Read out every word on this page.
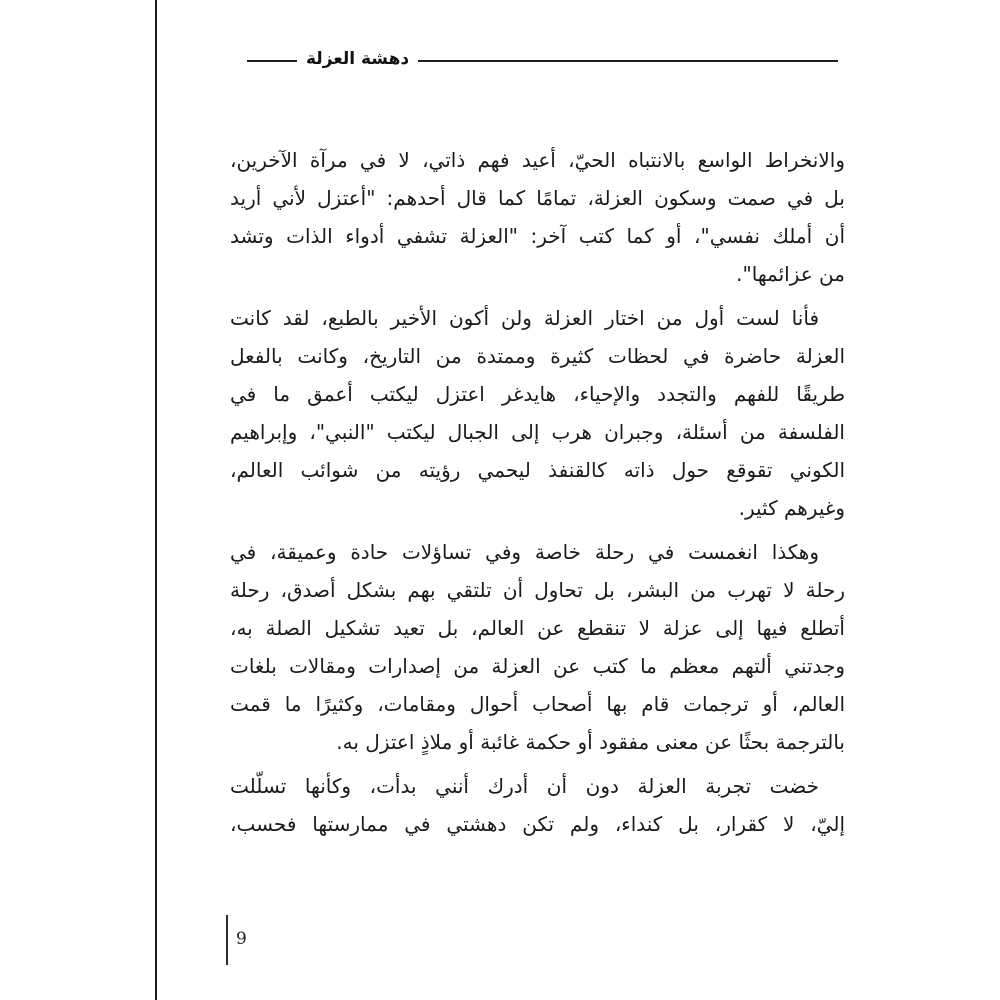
دهشة العزلة
والانخراط الواسع بالانتباه الحيّ، أعيد فهم ذاتي، لا في مرآة الآخرين،
بل في صمت وسكون العزلة، تمامًا كما قال أحدهم: "أعتزل لأني أريد
أن أملك نفسي"، أو كما كتب آخر: "العزلة تشفي أدواء الذات وتشد
من عزائمها".
فأنا لست أول من اختار العزلة ولن أكون الأخير بالطبع، لقد كانت
العزلة حاضرة في لحظات كثيرة وممتدة من التاريخ، وكانت بالفعل
طريقًا للفهم والتجدد والإحياء، هايدغر اعتزل ليكتب أعمق ما في
الفلسفة من أسئلة، وجبران هرب إلى الجبال ليكتب "النبي"، وإبراهيم
الكوني تقوقع حول ذاته كالقنفذ ليحمي رؤيته من شوائب العالم،
وغيرهم كثير.
وهكذا انغمست في رحلة خاصة وفي تساؤلات حادة وعميقة، في
رحلة لا تهرب من البشر، بل تحاول أن تلتقي بهم بشكل أصدق، رحلة
أتطلع فيها إلى عزلة لا تنقطع عن العالم، بل تعيد تشكيل الصلة به،
وجدتني ألتهم معظم ما كتب عن العزلة من إصدارات ومقالات بلغات
العالم، أو ترجمات قام بها أصحاب أحوال ومقامات، وكثيرًا ما قمت
بالترجمة بحثًا عن معنى مفقود أو حكمة غائبة أو ملاذٍ اعتزل به.
خضت تجربة العزلة دون أن أدرك أنني بدأت، وكأنها تسلّلت
إليّ، لا كقرار، بل كنداء، ولم تكن دهشتي في ممارستها فحسب،
9
